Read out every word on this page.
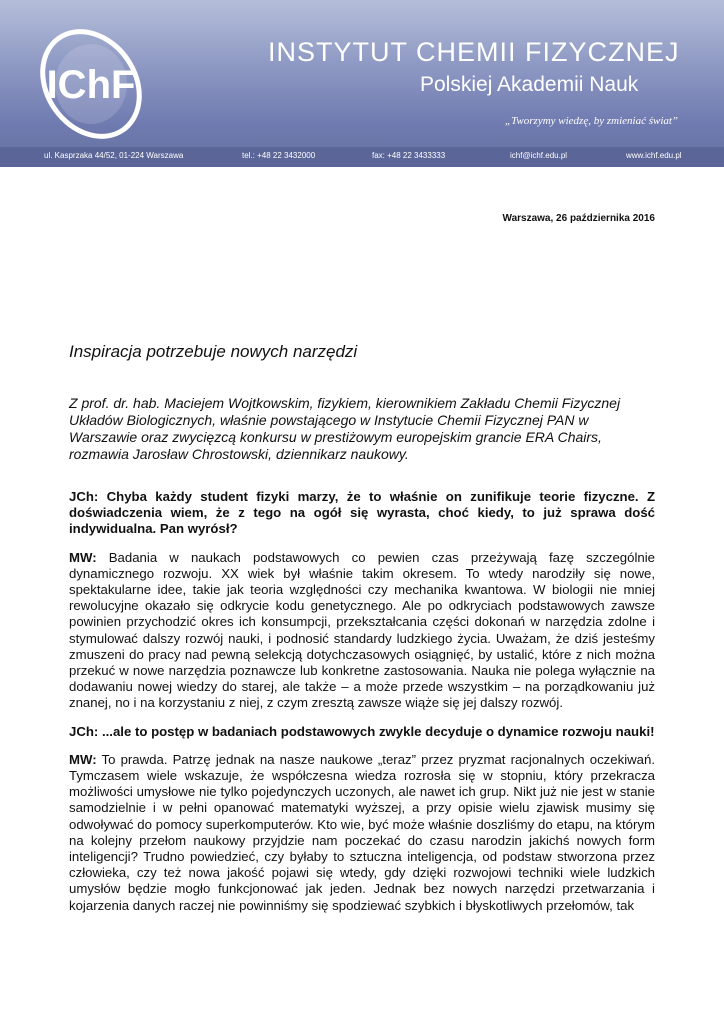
IChF
INSTYTUT CHEMII FIZYCZNEJ
Polskiej Akademii Nauk
„Tworzymy wiedzę, by zmieniać świat”
ul. Kasprzaka 44/52, 01-224 Warszawa	tel.: +48 22 3432000	fax: +48 22 3433333	ichf@ichf.edu.pl	www.ichf.edu.pl
Warszawa, 26 października 2016
Inspiracja potrzebuje nowych narzędzi

Z prof. dr. hab. Maciejem Wojtkowskim, fizykiem, kierownikiem Zakładu Chemii Fizycznej Układów Biologicznych, właśnie powstającego w Instytucie Chemii Fizycznej PAN w Warszawie oraz zwycięzcą konkursu w prestiżowym europejskim grancie ERA Chairs, rozmawia Jarosław Chrostowski, dziennikarz naukowy.

JCh: Chyba każdy student fizyki marzy, że to właśnie on zunifikuje teorie fizyczne. Z doświadczenia wiem, że z tego na ogół się wyrasta, choć kiedy, to już sprawa dość indywidualna. Pan wyrósł?

MW: Badania w naukach podstawowych co pewien czas przeżywają fazę szczególnie dynamicznego rozwoju. XX wiek był właśnie takim okresem. To wtedy narodziły się nowe, spektakularne idee, takie jak teoria względności czy mechanika kwantowa. W biologii nie mniej rewolucyjne okazało się odkrycie kodu genetycznego. Ale po odkryciach podstawowych zawsze powinien przychodzić okres ich konsumpcji, przekształcania części dokonań w narzędzia zdolne i stymulować dalszy rozwój nauki, i podnosić standardy ludzkiego życia. Uważam, że dziś jesteśmy zmuszeni do pracy nad pewną selekcją dotychczasowych osiągnięć, by ustalić, które z nich można przekuć w nowe narzędzia poznawcze lub konkretne zastosowania. Nauka nie polega wyłącznie na dodawaniu nowej wiedzy do starej, ale także – a może przede wszystkim – na porządkowaniu już znanej, no i na korzystaniu z niej, z czym zresztą zawsze wiąże się jej dalszy rozwój.

JCh: ...ale to postęp w badaniach podstawowych zwykle decyduje o dynamice rozwoju nauki!

MW: To prawda. Patrzę jednak na nasze naukowe „teraz” przez pryzmat racjonalnych oczekiwań. Tymczasem wiele wskazuje, że współczesna wiedza rozrosła się w stopniu, który przekracza możliwości umysłowe nie tylko pojedynczych uczonych, ale nawet ich grup. Nikt już nie jest w stanie samodzielnie i w pełni opanować matematyki wyższej, a przy opisie wielu zjawisk musimy się odwoływać do pomocy superkomputerów. Kto wie, być może właśnie doszliśmy do etapu, na którym na kolejny przełom naukowy przyjdzie nam poczekać do czasu narodzin jakichś nowych form inteligencji? Trudno powiedzieć, czy byłaby to sztuczna inteligencja, od podstaw stworzona przez człowieka, czy też nowa jakość pojawi się wtedy, gdy dzięki rozwojowi techniki wiele ludzkich umysłów będzie mogło funkcjonować jak jeden. Jednak bez nowych narzędzi przetwarzania i kojarzenia danych raczej nie powinniśmy się spodziewać szybkich i błyskotliwych przełomów, tak
